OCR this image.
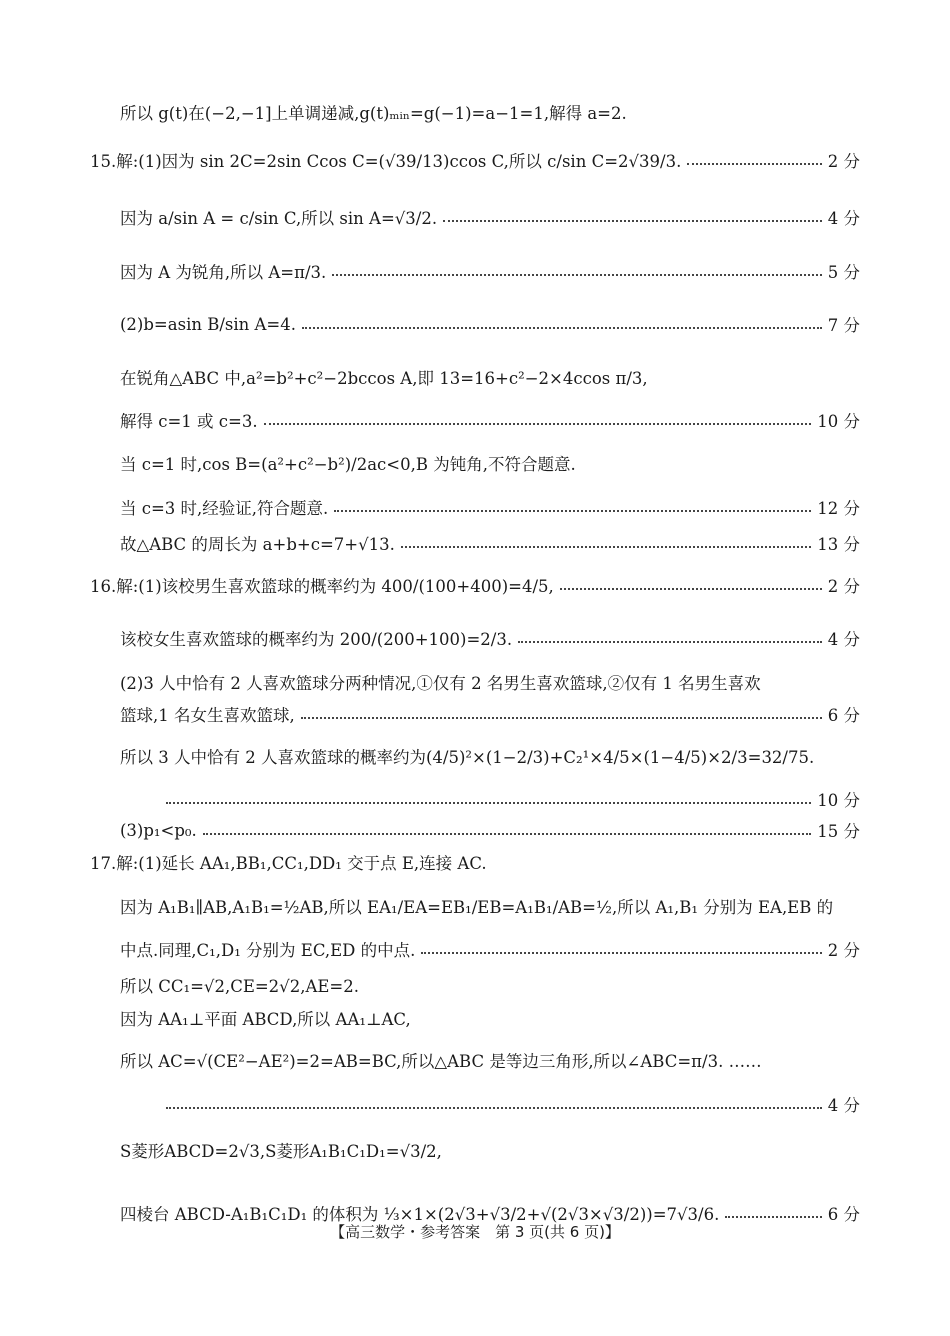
所以 g(t)在(−2,−1]上单调递减,g(t)ₘᵢₙ=g(−1)=a−1=1,解得 a=2.
15.解:(1)因为 sin 2C=2sin Ccos C=(√39/13)ccos C,所以 c/sin C=2√39/3.	2 分
因为 a/sin A = c/sin C,所以 sin A=√3/2.	4 分
因为 A 为锐角,所以 A=π/3.	5 分
(2)b=asin B/sin A=4.	7 分
在锐角△ABC 中,a²=b²+c²−2bccos A,即 13=16+c²−2×4ccos π/3,
解得 c=1 或 c=3.	10 分
当 c=1 时,cos B=(a²+c²−b²)/2ac<0,B 为钝角,不符合题意.
当 c=3 时,经验证,符合题意.	12 分
故△ABC 的周长为 a+b+c=7+√13.	13 分
16.解:(1)该校男生喜欢篮球的概率约为 400/(100+400)=4/5,	2 分
该校女生喜欢篮球的概率约为 200/(200+100)=2/3.	4 分
(2)3 人中恰有 2 人喜欢篮球分两种情况,①仅有 2 名男生喜欢篮球,②仅有 1 名男生喜欢
篮球,1 名女生喜欢篮球,	6 分
所以 3 人中恰有 2 人喜欢篮球的概率约为(4/5)²×(1−2/3)+C₂¹×4/5×(1−4/5)×2/3=32/75.
10 分
(3)p₁<p₀.	15 分
17.解:(1)延长 AA₁,BB₁,CC₁,DD₁ 交于点 E,连接 AC.
因为 A₁B₁∥AB,A₁B₁=½AB,所以 EA₁/EA=EB₁/EB=A₁B₁/AB=½,所以 A₁,B₁ 分别为 EA,EB 的
中点.同理,C₁,D₁ 分别为 EC,ED 的中点.	2 分
所以 CC₁=√2,CE=2√2,AE=2.
因为 AA₁⊥平面 ABCD,所以 AA₁⊥AC,
所以 AC=√(CE²−AE²)=2=AB=BC,所以△ABC 是等边三角形,所以∠ABC=π/3. ……
4 分
S菱形ABCD=2√3,S菱形A₁B₁C₁D₁=√3/2,
四棱台 ABCD-A₁B₁C₁D₁ 的体积为 ⅓×1×(2√3+√3/2+√(2√3×√3/2))=7√3/6.	6 分
【高三数学・参考答案　第 3 页(共 6 页)】
